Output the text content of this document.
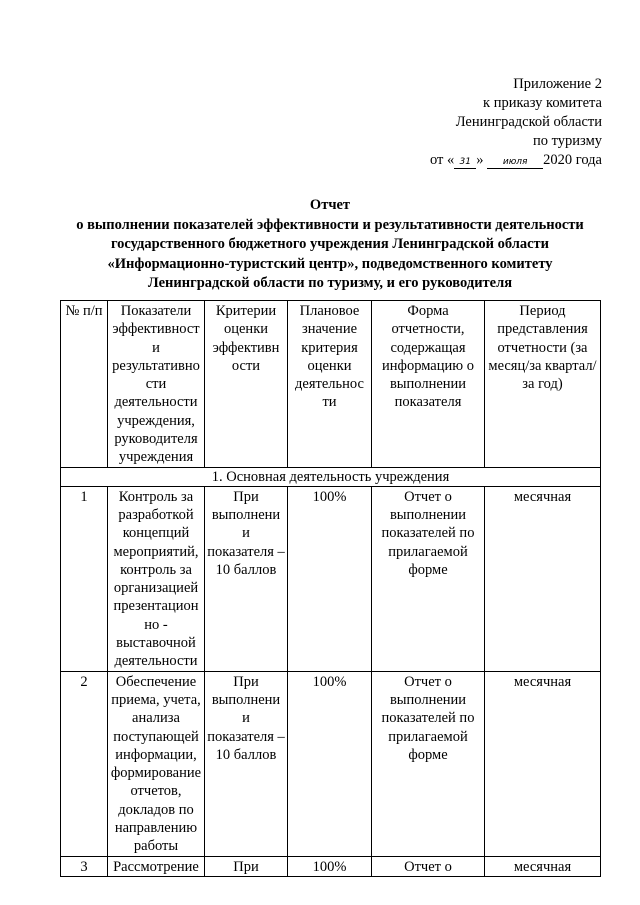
Приложение 2
к приказу комитета
Ленинградской области
по туризму
от « 31 » июля 2020 года
Отчет
о выполнении показателей эффективности и результативности деятельности
государственного бюджетного учреждения Ленинградской области
«Информационно-туристский центр», подведомственного комитету
Ленинградской области по туризму, и его руководителя
№ п/п	Показатели эффективност и результативно сти деятельности учреждения, руководителя учреждения	Критерии оценки эффективн ости	Плановое значение критерия оценки деятельнос ти	Форма отчетности, содержащая информацию о выполнении показателя	Период представления отчетности (за месяц/за квартал/ за год)
1. Основная деятельность учреждения					
1	Контроль за разработкой концепций мероприятий, контроль за организацией презентацион но - выставочной деятельности	При выполнени и показателя – 10 баллов	100%	Отчет о выполнении показателей по прилагаемой форме	месячная
2	Обеспечение приема, учета, анализа поступающей информации, формирование отчетов, докладов по направлению работы	При выполнени и показателя – 10 баллов	100%	Отчет о выполнении показателей по прилагаемой форме	месячная
3	Рассмотрение	При	100%	Отчет о	месячная
